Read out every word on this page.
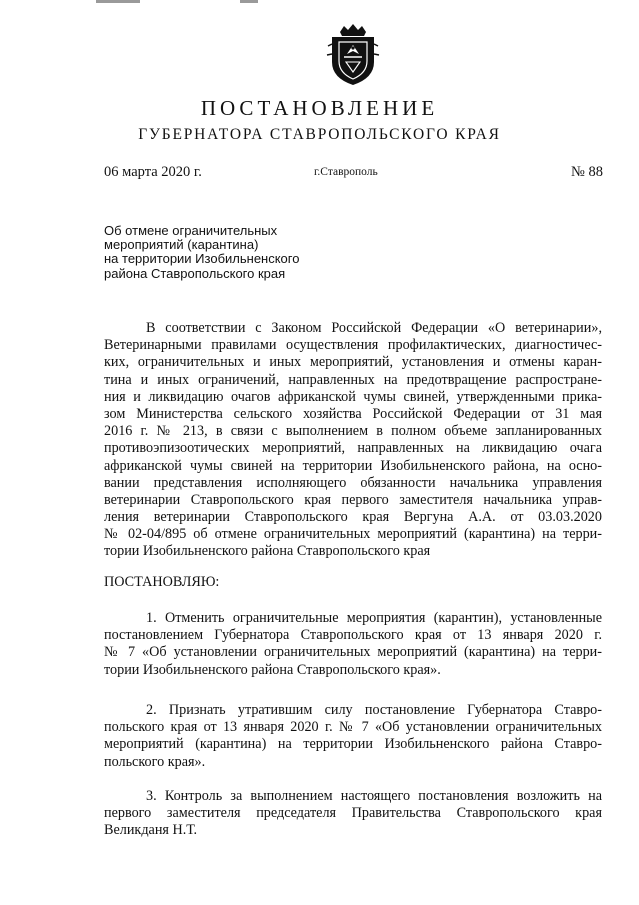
ПОСТАНОВЛЕНИЕ
ГУБЕРНАТОРА СТАВРОПОЛЬСКОГО КРАЯ
06 марта 2020 г.	г.Ставрополь	№ 88
Об отмене ограничительных
мероприятий (карантина)
на территории Изобильненского
района Ставропольского края
В соответствии с Законом Российской Федерации «О ветеринарии»,
Ветеринарными правилами осуществления профилактических, диагностичес-
ких, ограничительных и иных мероприятий, установления и отмены каран-
тина и иных ограничений, направленных на предотвращение распростране-
ния и ликвидацию очагов африканской чумы свиней, утвержденными прика-
зом Министерства сельского хозяйства Российской Федерации от 31 мая
2016 г. № 213, в связи с выполнением в полном объеме запланированных
противоэпизоотических мероприятий, направленных на ликвидацию очага
африканской чумы свиней на территории Изобильненского района, на осно-
вании представления исполняющего обязанности начальника управления
ветеринарии Ставропольского края первого заместителя начальника управ-
ления ветеринарии Ставропольского края Вергуна А.А. от 03.03.2020
№ 02-04/895 об отмене ограничительных мероприятий (карантина) на терри-
тории Изобильненского района Ставропольского края
ПОСТАНОВЛЯЮ:
1. Отменить ограничительные мероприятия (карантин), установленные
постановлением Губернатора Ставропольского края от 13 января 2020 г.
№ 7 «Об установлении ограничительных мероприятий (карантина) на терри-
тории Изобильненского района Ставропольского края».
2. Признать утратившим силу постановление Губернатора Ставро-
польского края от 13 января 2020 г. № 7 «Об установлении ограничительных
мероприятий (карантина) на территории Изобильненского района Ставро-
польского края».
3. Контроль за выполнением настоящего постановления возложить на
первого заместителя председателя Правительства Ставропольского края
Великданя Н.Т.
